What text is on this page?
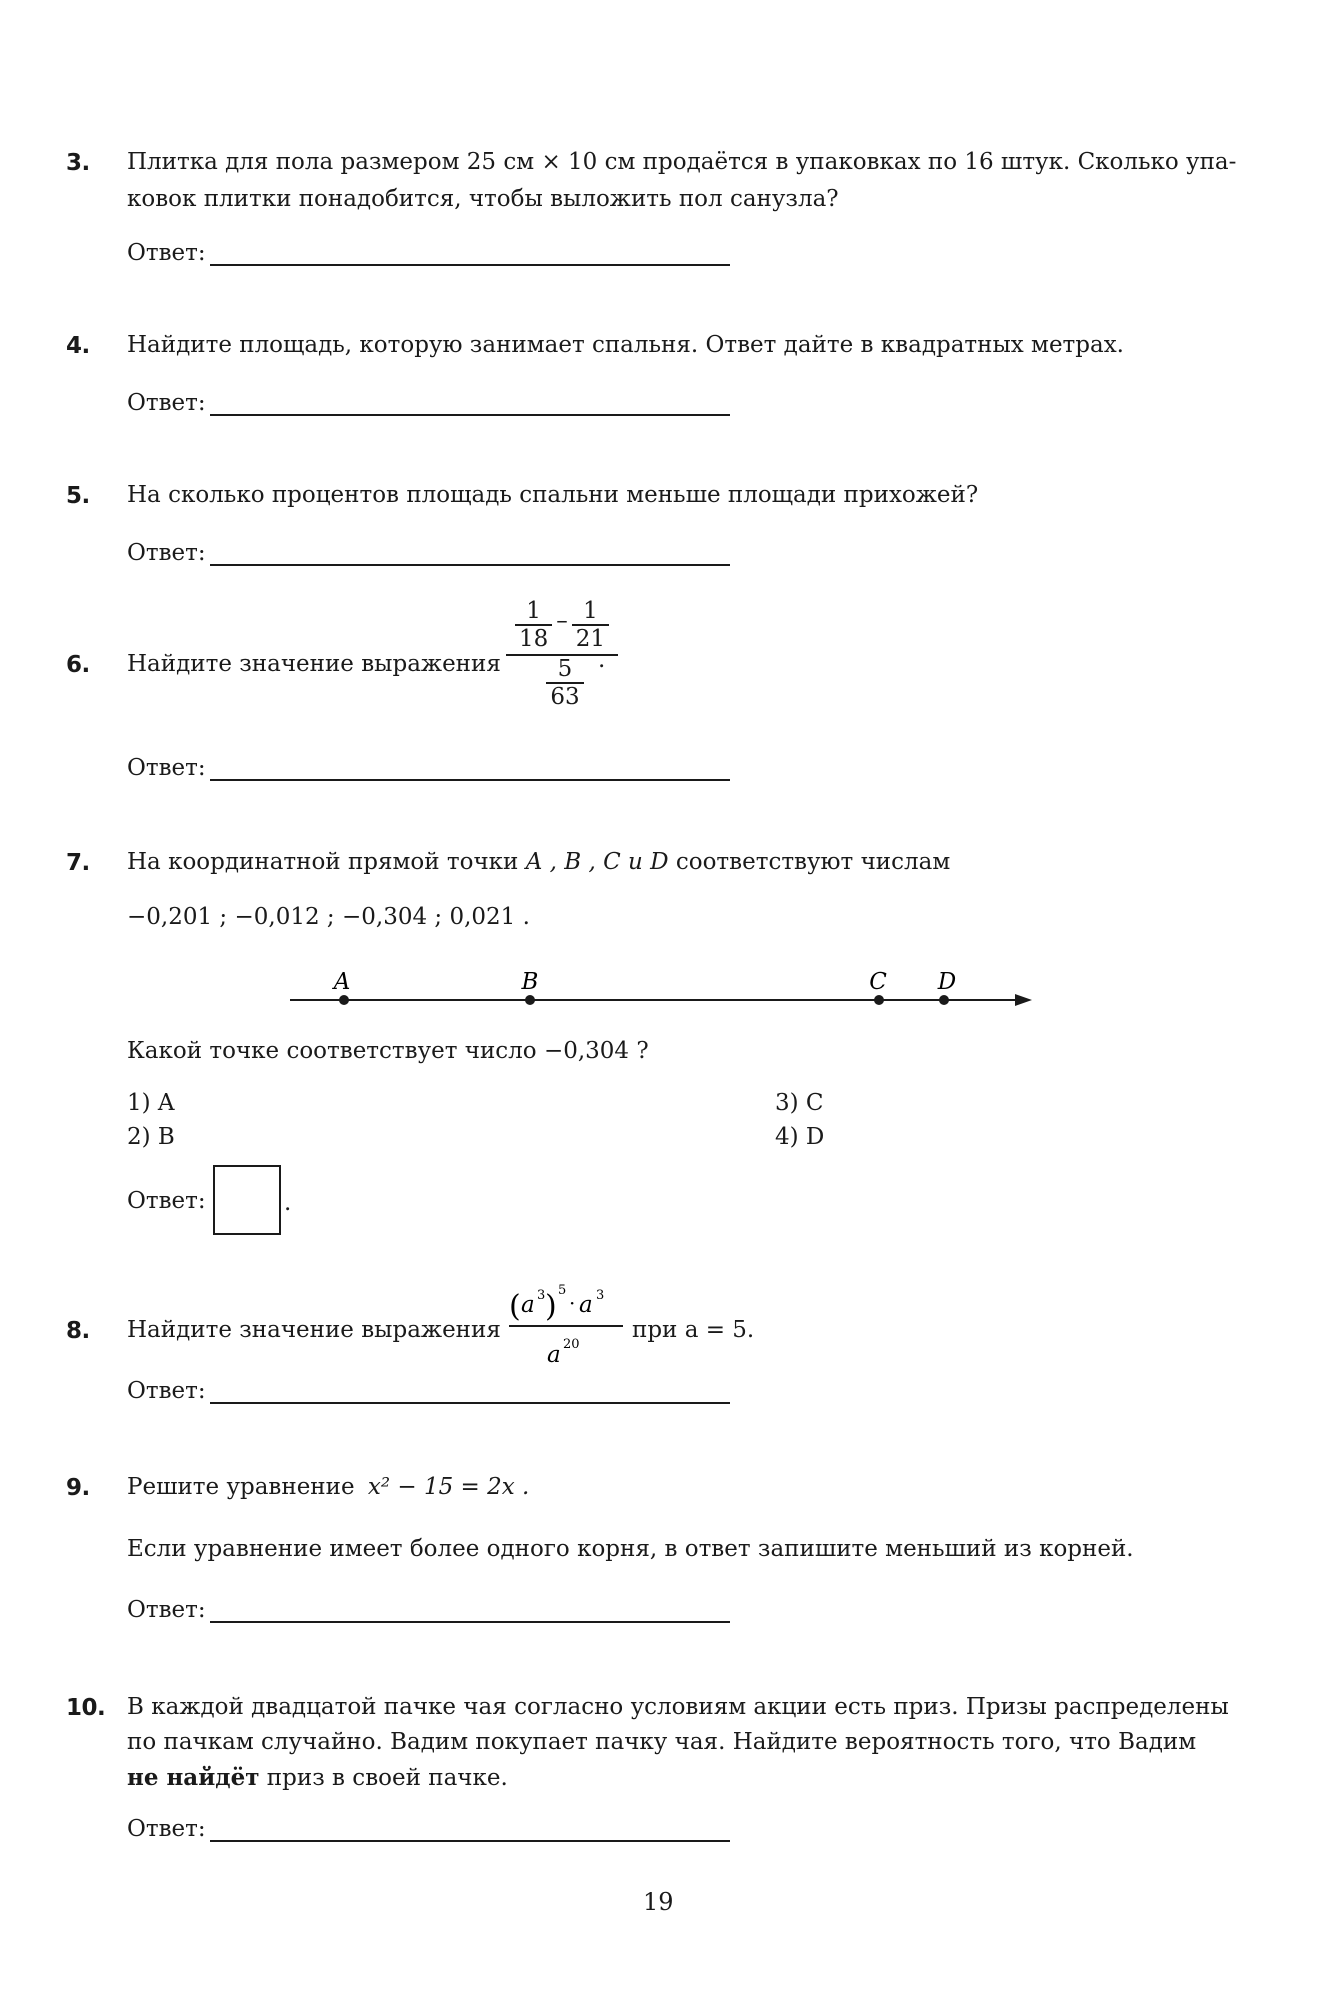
3. Плитка для пола размером 25 см × 10 см продаётся в упаковках по 16 штук. Сколько упа-
ковок плитки понадобится, чтобы выложить пол санузла?
Ответ:
4. Найдите площадь, которую занимает спальня. Ответ дайте в квадратных метрах.
Ответ:
5. На сколько процентов площадь спальни меньше площади прихожей?
Ответ:
6. Найдите значение выражения
$\frac{1}{18} - \frac{1}{21}$
$\frac{5}{63}$ .
Ответ:
7. На координатной прямой точки A , B , C и D соответствуют числам
−0,201 ; −0,012 ; −0,304 ; 0,021 .
A	B	C D
Какой точке соответствует число −0,304 ?
1) A
2) B
3) C
4) D
Ответ:	.
8. Найдите значение выражения
( a 3 ) 5
· a 3
a 20
при a = 5.
Ответ:
9. Решите уравнение x² − 15 = 2x .
Если уравнение имеет более одного корня, в ответ запишите меньший из корней.
Ответ:
10. В каждой двадцатой пачке чая согласно условиям акции есть приз. Призы распределены
по пачкам случайно. Вадим покупает пачку чая. Найдите вероятность того, что Вадим
не найдёт приз в своей пачке.
Ответ:
19
